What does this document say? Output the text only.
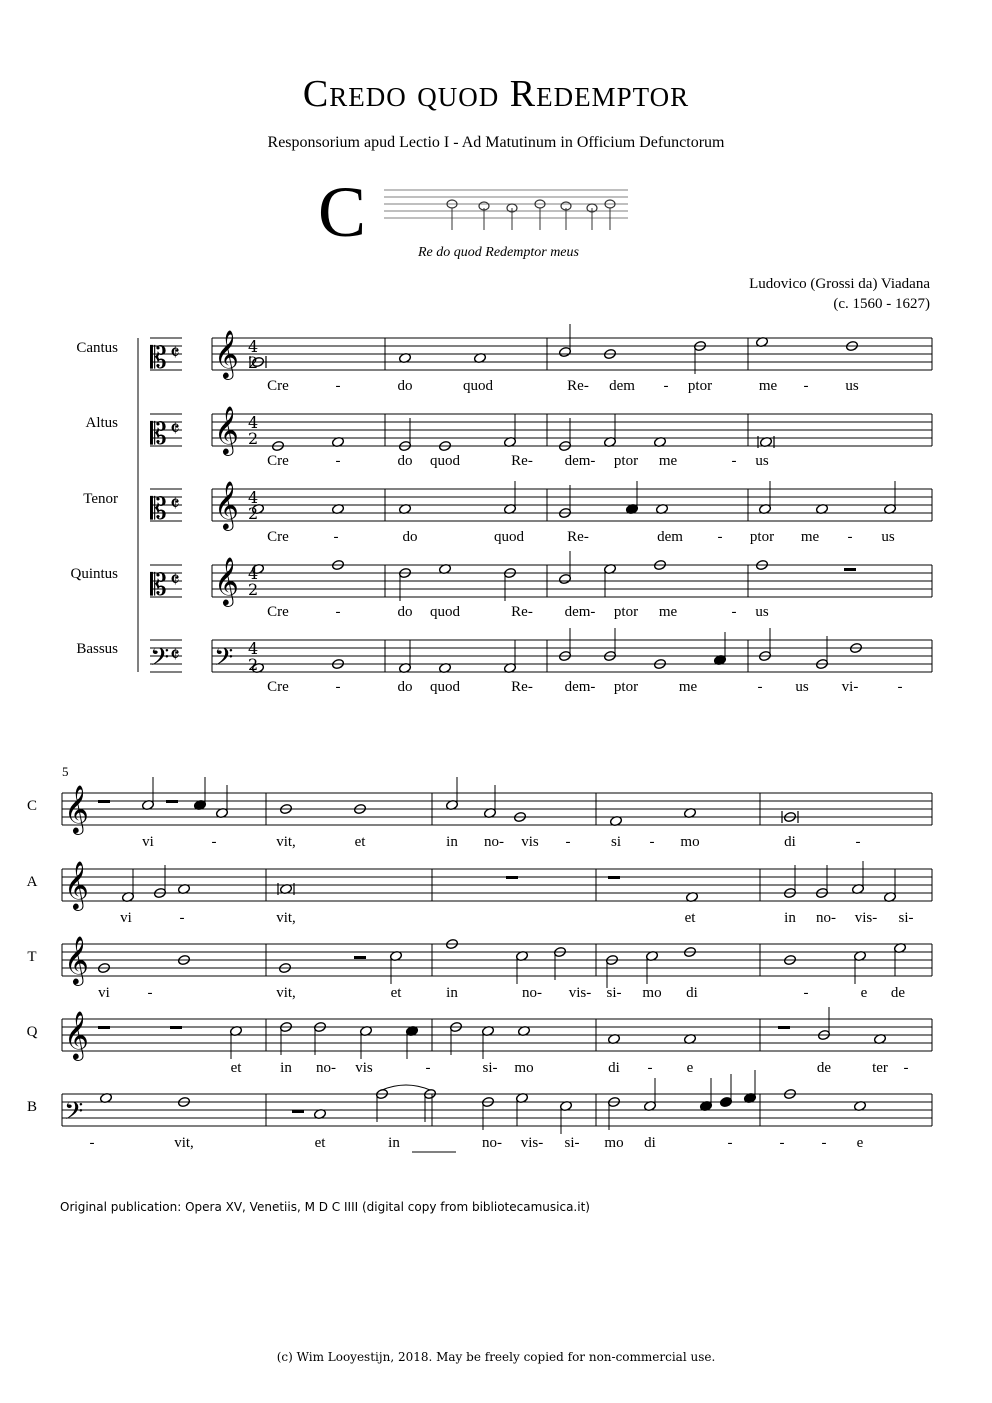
Credo quod Redemptor
Responsorium apud Lectio I - Ad Matutinum in Officium Defunctorum
C
𝄡 𝄵 𝄞 4
2
𝄡 𝄵 𝄞 4
2
𝄡 𝄵 𝄞 4
2
𝄡 𝄵 𝄞 4
2
𝄢 𝄵 𝄢 4
2
𝄞
𝄞
𝄞
𝄞
𝄢
Re do quod Redemptor meus
Ludovico (Grossi da) Viadana
(c. 1560 - 1627)
Cantus
Altus
Tenor
Quintus
Bassus
5
C
A
T
Q
B
Cre	-	do	quod	Re- dem - ptor	me - us
Cre	-	do quod	Re- dem- ptor me	- us
Cre	-	do	quod	Re-	dem - ptor me - us
Cre	-	do quod	Re- dem- ptor me	- us
Cre	-	do quod	Re- dem- ptor	me	- us vi-	-
vi	-	vit,	et	in no- vis -	si - mo	di	-
vi	-	vit,	et	in no- vis- si-
vi	-	vit,	et	in	no- vis- si- mo di	-	e de
et	in no- vis	-	si- mo	di - e	de	ter -
-	vit,	et	in	no- vis- si- mo di	-	- - e
Original publication: Opera XV, Venetiis, M D C IIII (digital copy from bibliotecamusica.it)
(c) Wim Looyestijn, 2018. May be freely copied for non-commercial use.
